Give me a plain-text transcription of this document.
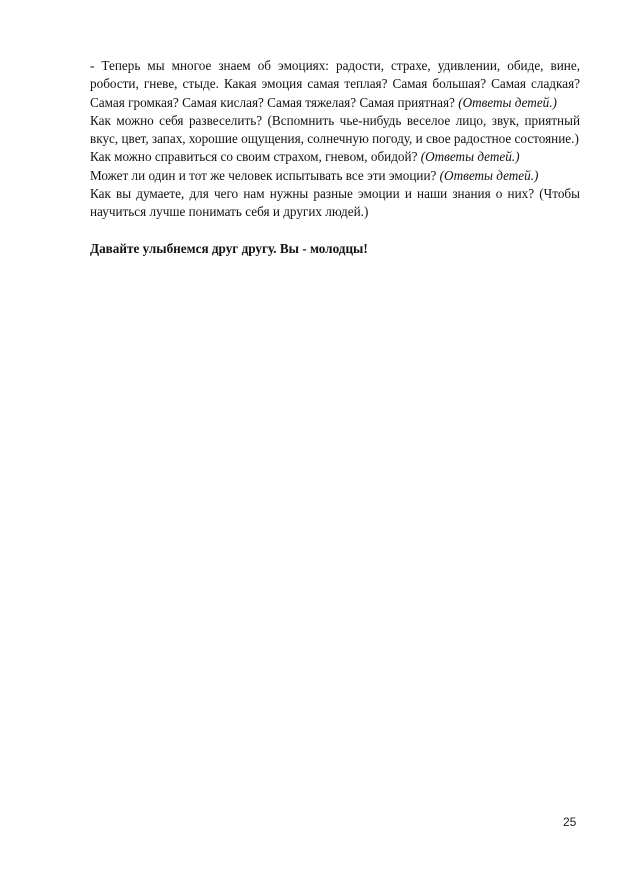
- Теперь мы многое знаем об эмоциях: радости, страхе, удивлении, обиде, вине, робости, гневе, стыде. Какая эмоция самая теплая? Самая большая? Самая сладкая? Самая громкая? Самая кислая? Самая тяжелая? Самая приятная? (Ответы детей.)

Как можно себя развеселить? (Вспомнить чье-нибудь веселое лицо, звук, приятный вкус, цвет, запах, хорошие ощущения, солнечную погоду, и свое радостное состояние.)

Как можно справиться со своим страхом, гневом, обидой? (Ответы детей.)

Может ли один и тот же человек испытывать все эти эмоции? (Ответы детей.)

Как вы думаете, для чего нам нужны разные эмоции и наши знания о них? (Чтобы научиться лучше понимать себя и других людей.)

Давайте улыбнемся друг другу. Вы - молодцы!

25
